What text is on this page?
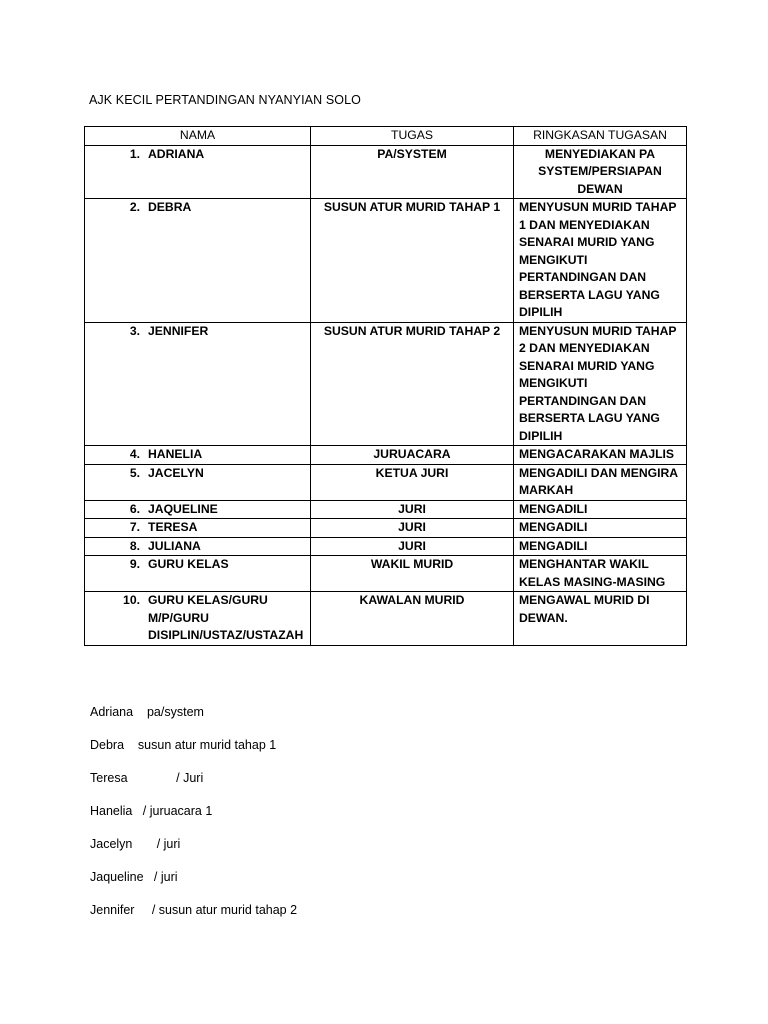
AJK KECIL PERTANDINGAN NYANYIAN SOLO
NAMA	TUGAS	RINGKASAN TUGASAN

1. ADRIANA	PA/SYSTEM	MENYEDIAKAN PA SYSTEM/PERSIAPAN DEWAN

2. DEBRA	SUSUN ATUR MURID TAHAP 1	MENYUSUN MURID TAHAP 1 DAN MENYEDIAKAN SENARAI MURID YANG MENGIKUTI PERTANDINGAN DAN BERSERTA LAGU YANG DIPILIH

3. JENNIFER	SUSUN ATUR MURID TAHAP 2	MENYUSUN MURID TAHAP 2 DAN MENYEDIAKAN SENARAI MURID YANG MENGIKUTI PERTANDINGAN DAN BERSERTA LAGU YANG DIPILIH

4. HANELIA	JURUACARA	MENGACARAKAN MAJLIS

5. JACELYN	KETUA JURI	MENGADILI DAN MENGIRA MARKAH

6. JAQUELINE	JURI	MENGADILI

7. TERESA	JURI	MENGADILI

8. JULIANA	JURI	MENGADILI

9. GURU KELAS	WAKIL MURID	MENGHANTAR WAKIL KELAS MASING-MASING

10. GURU KELAS/GURU M/P/GURU DISIPLIN/USTAZ/USTAZAH	KAWALAN MURID	MENGAWAL MURID DI DEWAN.
Adriana    pa/system
Debra    susun atur murid tahap 1
Teresa              / Juri
Hanelia   / juruacara 1
Jacelyn       / juri
Jaqueline   / juri
Jennifer     / susun atur murid tahap 2
